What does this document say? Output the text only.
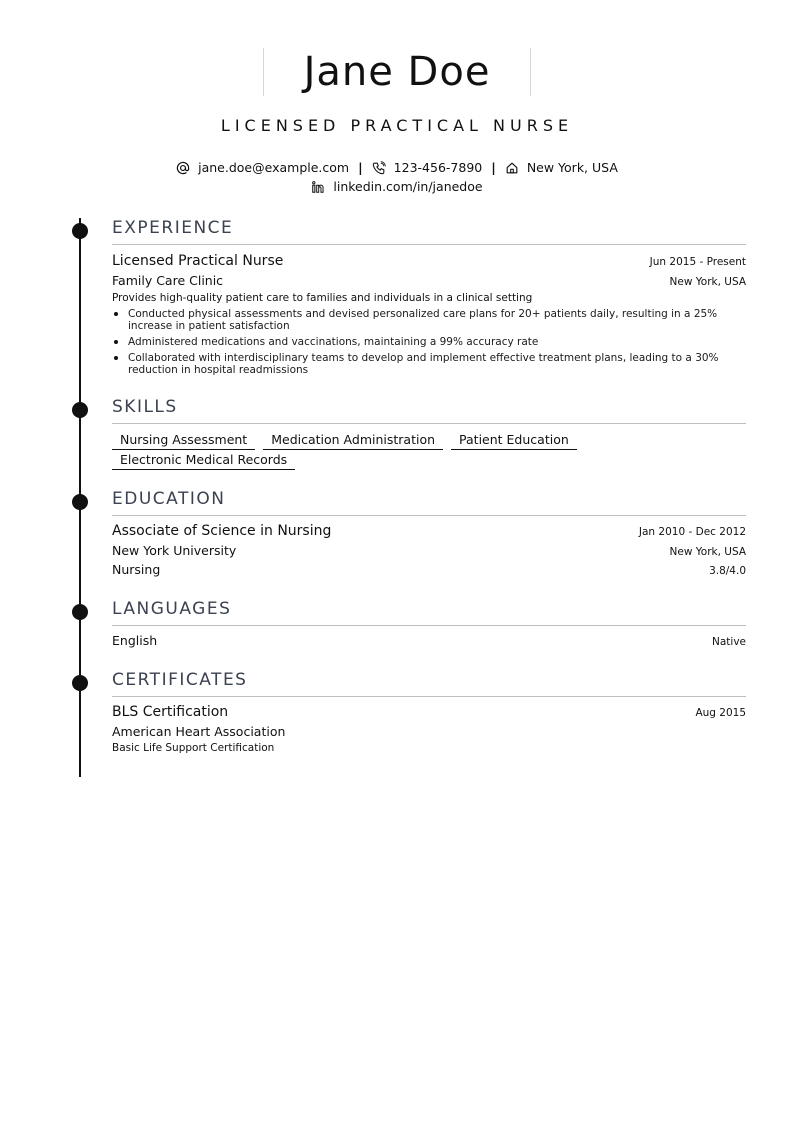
Jane Doe
LICENSED PRACTICAL NURSE
jane.doe@example.com | 123-456-7890 | New York, USA
linkedin.com/in/janedoe
EXPERIENCE
Licensed Practical Nurse	Jun 2015 - Present
Family Care Clinic	New York, USA
Provides high-quality patient care to families and individuals in a clinical setting
Conducted physical assessments and devised personalized care plans for 20+ patients daily, resulting in a 25% increase in patient satisfaction
Administered medications and vaccinations, maintaining a 99% accuracy rate
Collaborated with interdisciplinary teams to develop and implement effective treatment plans, leading to a 30% reduction in hospital readmissions
SKILLS
Nursing Assessment	Medication Administration	Patient Education
Electronic Medical Records
EDUCATION
Associate of Science in Nursing	Jan 2010 - Dec 2012
New York University	New York, USA
Nursing	3.8/4.0
LANGUAGES
English	Native
CERTIFICATES
BLS Certification	Aug 2015
American Heart Association
Basic Life Support Certification
